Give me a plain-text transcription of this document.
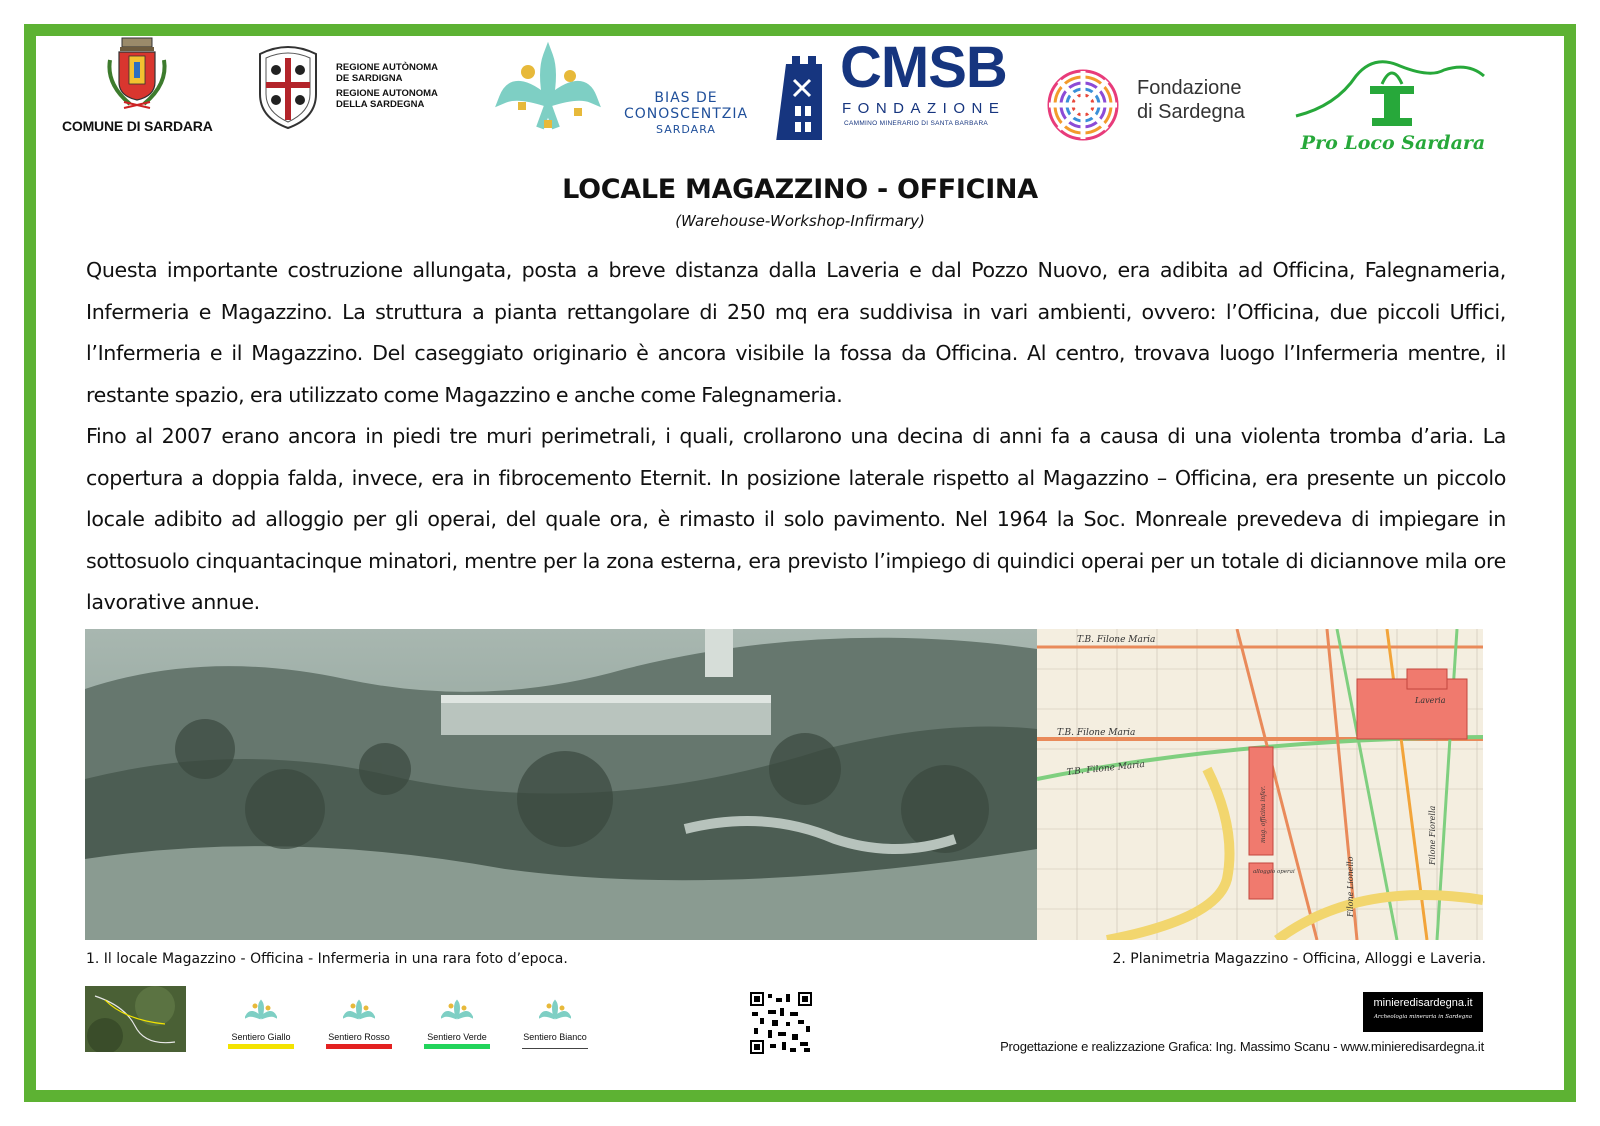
COMUNE DI SARDARA
REGIONE AUTÒNOMA
DE SARDIGNA
REGIONE AUTONOMA
DELLA SARDEGNA	BIAS DE
CONOSCENTZIA
SARDARA
CMSB
FONDAZIONE
CAMMINO MINERARIO DI SANTA BARBARA
Fondazione
di Sardegna
Pro Loco Sardara
LOCALE MAGAZZINO - OFFICINA
(Warehouse-Workshop-Infirmary)

Questa importante costruzione allungata, posta a breve distanza dalla Laveria e dal Pozzo Nuovo, era adibita ad Officina, Falegnameria, Infermeria e Magazzino. La struttura a pianta rettangolare di 250 mq era suddivisa in vari ambienti, ovvero: l’Officina, due piccoli Uffici, l’Infermeria e il Magazzino. Del caseggiato originario è ancora visibile la fossa da Officina. Al centro, trovava luogo l’Infermeria mentre, il restante spazio, era utilizzato come Magazzino e anche come Falegnameria.

Fino al 2007 erano ancora in piedi tre muri perimetrali, i quali, crollarono una decina di anni fa a causa di una violenta tromba d’aria. La copertura a doppia falda, invece, era in fibrocemento Eternit. In posizione laterale rispetto al Magazzino – Officina, era presente un piccolo locale adibito ad alloggio per gli operai, del quale ora, è rimasto il solo pavimento. Nel 1964 la Soc. Monreale prevedeva di impiegare in sottosuolo cinquantacinque minatori, mentre per la zona esterna, era previsto l’impiego di quindici operai per un totale di diciannove mila ore lavorative annue.

T.B. Filone Maria
T.B. Filone Maria
T.B. Filone Maria
Laveria
mag. officina infer.
alloggio operai	Filone Lionello
Filone Fiorella
1. Il locale Magazzino - Officina - Infermeria in una rara foto d’epoca.	2. Planimetria Magazzino - Officina, Alloggi e Laveria.
Sentiero Giallo	Sentiero Rosso	Sentiero Verde	Sentiero Bianco
minieredisardegna.it
Archeologia mineraria in Sardegna
Progettazione e realizzazione Grafica: Ing. Massimo Scanu - www.minieredisardegna.it
